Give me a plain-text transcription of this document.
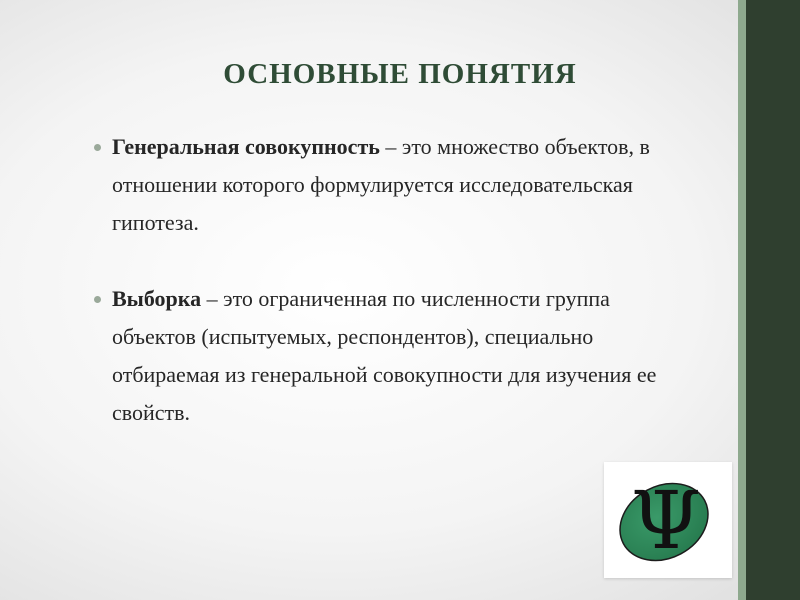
ОСНОВНЫЕ ПОНЯТИЯ
Генеральная совокупность – это множество объектов, в отношении которого формулируется исследовательская гипотеза.
Выборка – это ограниченная по численности группа объектов (испытуемых, респондентов), специально отбираемая из генеральной совокупности для изучения ее свойств.
Ψ
